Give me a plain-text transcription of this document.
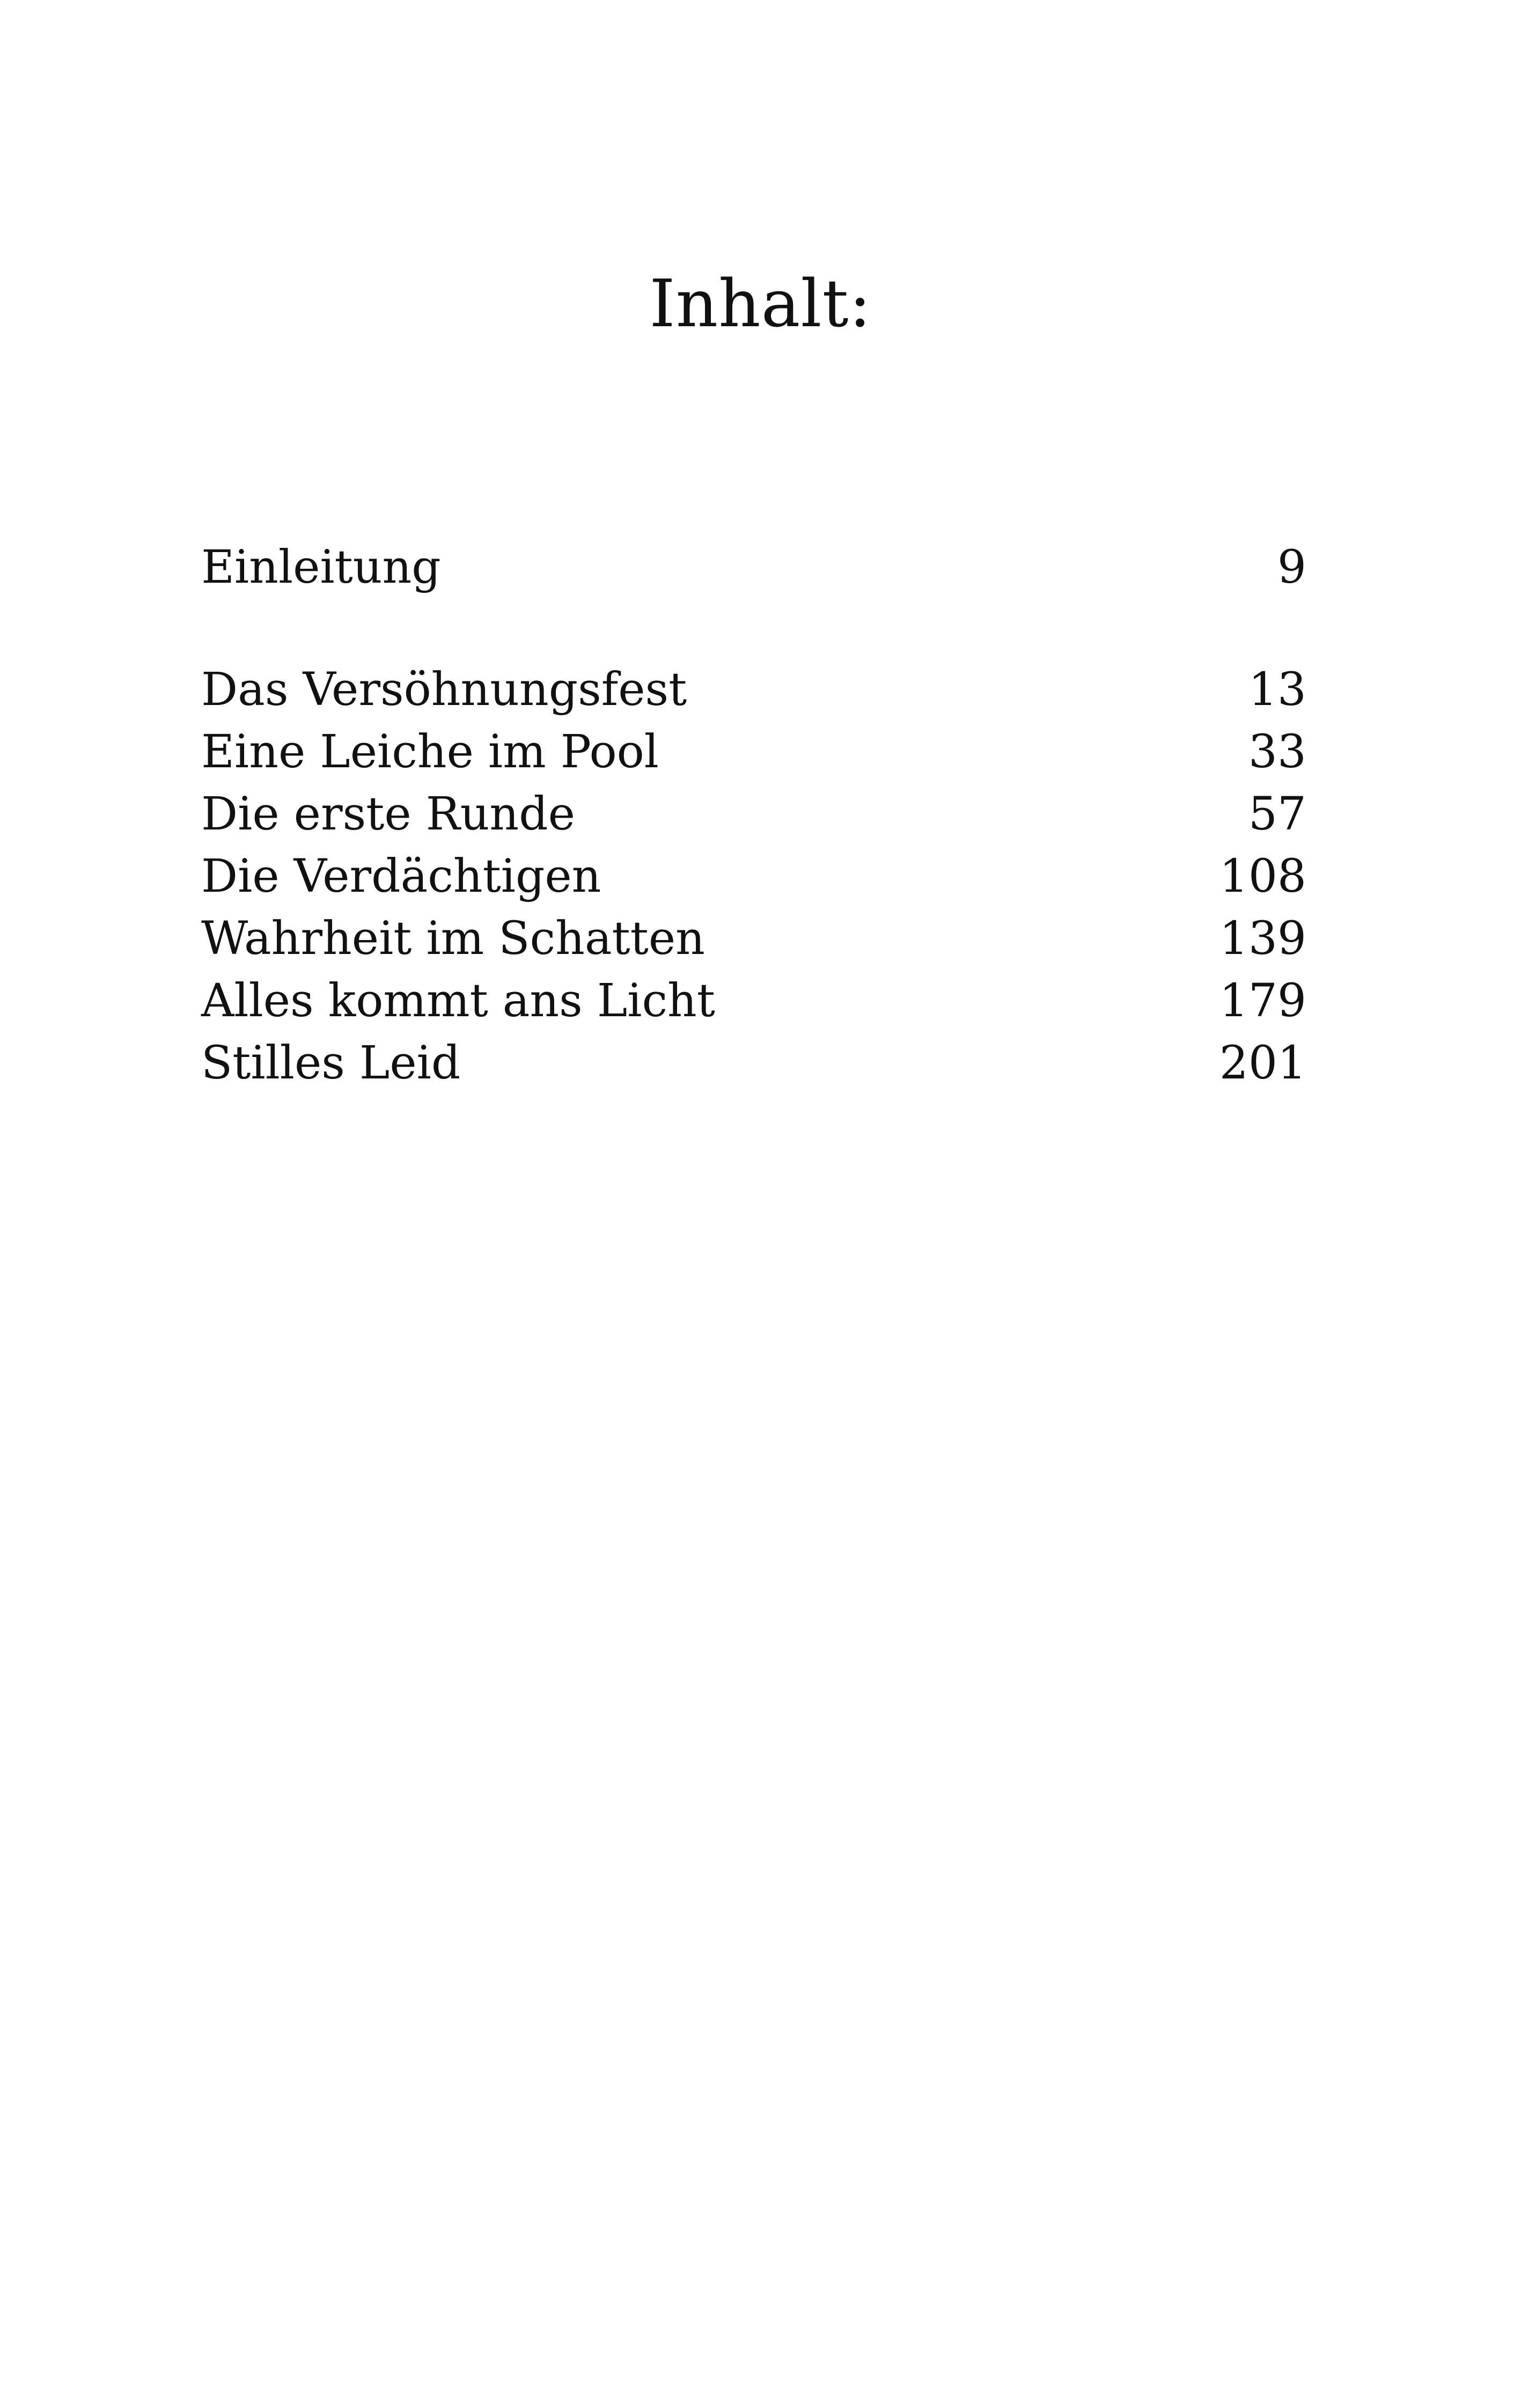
Inhalt:
Einleitung	9
Das Versöhnungsfest	13
Eine Leiche im Pool	33
Die erste Runde	57
Die Verdächtigen	108
Wahrheit im Schatten	139
Alles kommt ans Licht	179
Stilles Leid	201
